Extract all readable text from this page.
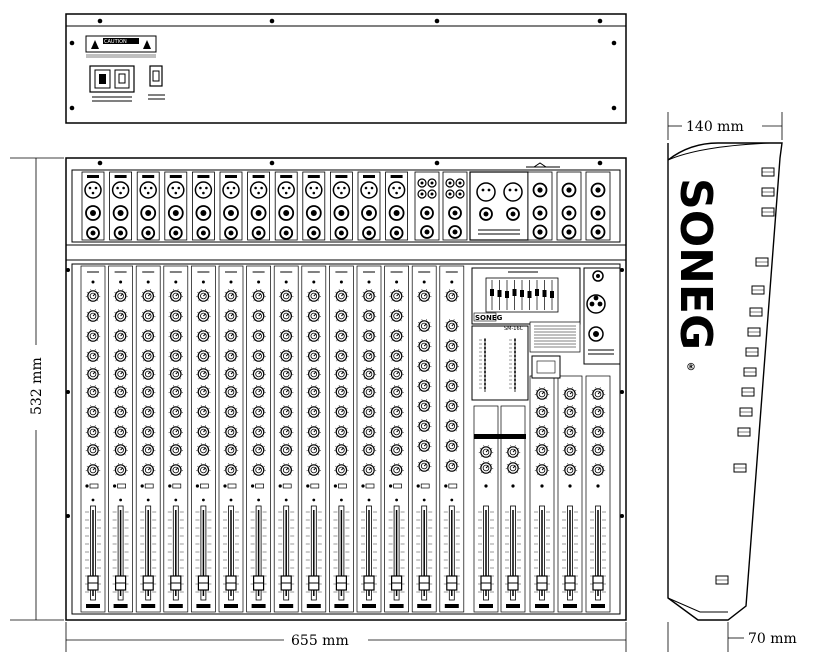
CAUTION
SONEG
SM-16C	SONEG
®
532 mm
655 mm
140 mm
70 mm
